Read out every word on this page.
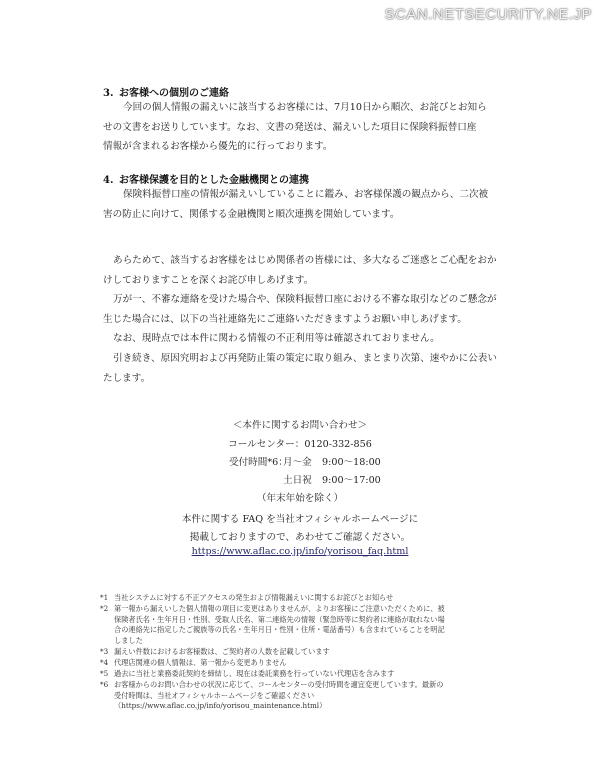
SCAN.NETSECURITY.NE.JP
3. お客様への個別のご連絡
今回の個人情報の漏えいに該当するお客様には、7月10日から順次、お詫びとお知ら
せの文書をお送りしています。なお、文書の発送は、漏えいした項目に保険料振替口座
情報が含まれるお客様から優先的に行っております。
4. お客様保護を目的とした金融機関との連携
保険料振替口座の情報が漏えいしていることに鑑み、お客様保護の観点から、二次被
害の防止に向けて、関係する金融機関と順次連携を開始しています。
あらためて、該当するお客様をはじめ関係者の皆様には、多大なるご迷惑とご心配をおか
けしておりますことを深くお詫び申しあげます。
万が一、不審な連絡を受けた場合や、保険料振替口座における不審な取引などのご懸念が
生じた場合には、以下の当社連絡先にご連絡いただきますようお願い申しあげます。
なお、現時点では本件に関わる情報の不正利用等は確認されておりません。
引き続き、原因究明および再発防止策の策定に取り組み、まとまり次第、速やかに公表い
たします。
＜本件に関するお問い合わせ＞
コールセンター：0120-332-856
受付時間*6：
月～金 9:00～18:00
土日祝 9:00～17:00
（年末年始を除く）
本件に関する FAQ を当社オフィシャルホームページに
掲載しておりますので、あわせてご確認ください。
https://www.aflac.co.jp/info/yorisou_faq.html
*1 当社システムに対する不正アクセスの発生および情報漏えいに関するお詫びとお知らせ
*2 第一報から漏えいした個人情報の項目に変更はありませんが、よりお客様にご注意いただくために、被
保険者氏名・生年月日・性別、受取人氏名、第二連絡先の情報（緊急時等に契約者に連絡が取れない場
合の連絡先に指定したご親族等の氏名・生年月日・性別・住所・電話番号）も含まれていることを明記
しました
*3 漏えい件数におけるお客様数は、ご契約者の人数を記載しています
*4 代理店関連の個人情報は、第一報から変更ありません
*5 過去に当社と業務委託契約を締結し、現在は委託業務を行っていない代理店を含みます
*6 お客様からのお問い合わせの状況に応じて、コールセンターの受付時間を適宜変更しています。最新の
受付時間は、当社オフィシャルホームページをご確認ください
（https://www.aflac.co.jp/info/yorisou_maintenance.html）
